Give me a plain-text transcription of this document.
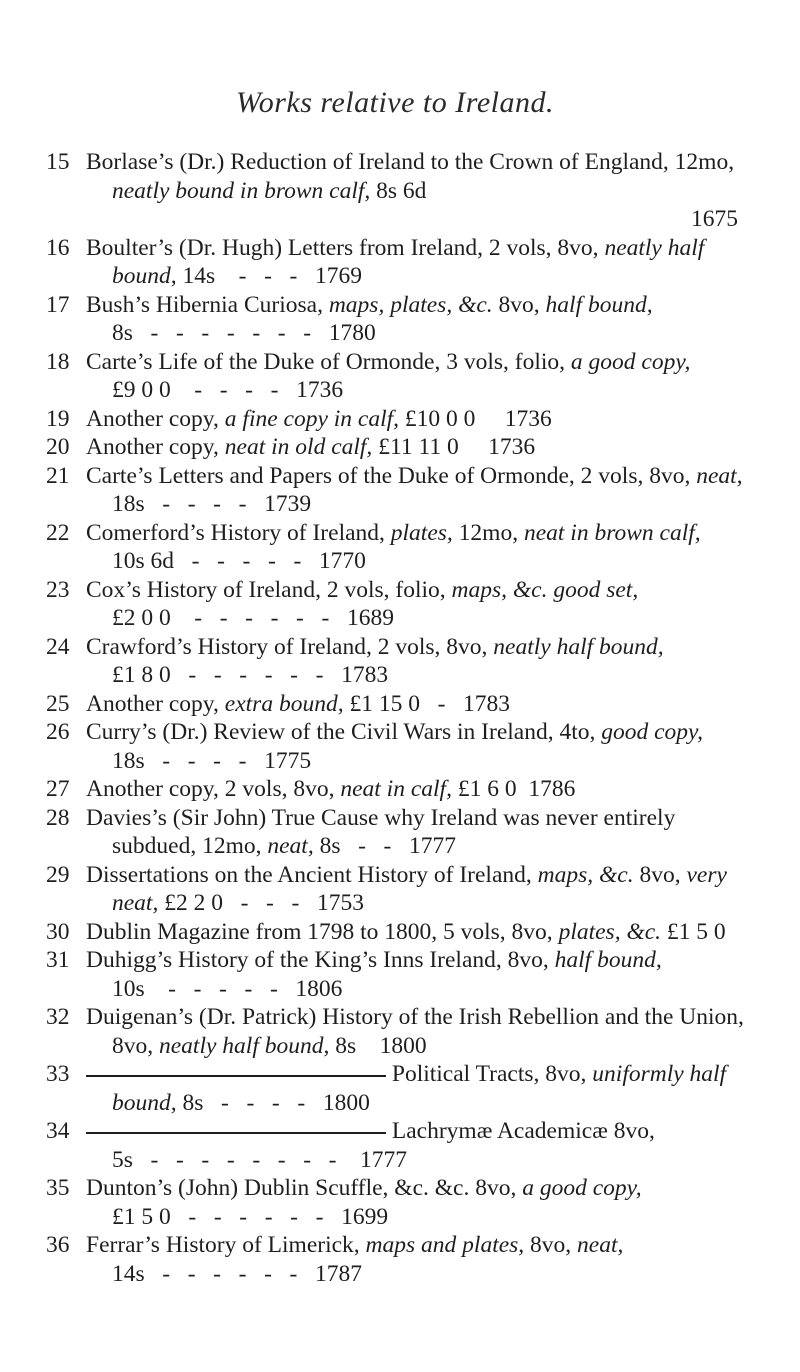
Works relative to Ireland.
15 Borlase’s (Dr.) Reduction of Ireland to the Crown of England, 12mo, neatly bound in brown calf, 8s 6d
1675
16 Boulter’s (Dr. Hugh) Letters from Ireland, 2 vols, 8vo, neatly half bound, 14s    -   -   -   1769
17 Bush’s Hibernia Curiosa, maps, plates, &c. 8vo, half bound, 8s   -   -   -   -   -   -   -   1780
18 Carte’s Life of the Duke of Ormonde, 3 vols, folio, a good copy, £9 0 0    -   -   -   -   1736
19 Another copy, a fine copy in calf, £10 0 0 1736
20 Another copy, neat in old calf, £11 11 0 1736
21 Carte’s Letters and Papers of the Duke of Ormonde, 2 vols, 8vo, neat, 18s   -   -   -   -   1739
22 Comerford’s History of Ireland, plates, 12mo, neat in brown calf, 10s 6d   -   -   -   -   -   1770
23 Cox’s History of Ireland, 2 vols, folio, maps, &c. good set, £2 0 0    -   -   -   -   -   -   1689
24 Crawford’s History of Ireland, 2 vols, 8vo, neatly half bound, £1 8 0   -   -   -   -   -   -   1783
25 Another copy, extra bound, £1 15 0   -   1783
26 Curry’s (Dr.) Review of the Civil Wars in Ireland, 4to, good copy, 18s   -   -   -   -   1775
27 Another copy, 2 vols, 8vo, neat in calf, £1 6 0 1786
28 Davies’s (Sir John) True Cause why Ireland was never entirely subdued, 12mo, neat, 8s   -   -   1777
29 Dissertations on the Ancient History of Ireland, maps, &c. 8vo, very neat, £2 2 0   -   -   -   1753
30 Dublin Magazine from 1798 to 1800, 5 vols, 8vo, plates, &c. £1 5 0
31 Duhigg’s History of the King’s Inns Ireland, 8vo, half bound, 10s    -   -   -   -   -   1806
32 Duigenan’s (Dr. Patrick) History of the Irish Rebellion and the Union, 8vo, neatly half bound, 8s 1800
33	Political Tracts, 8vo, uniformly half bound, 8s   -   -   -   -   1800
34	Lachrymæ Academicæ 8vo, 5s   -   -   -   -   -   -   -   -    1777
35 Dunton’s (John) Dublin Scuffle, &c. &c. 8vo, a good copy, £1 5 0   -   -   -   -   -   -   1699
36 Ferrar’s History of Limerick, maps and plates, 8vo, neat, 14s   -   -   -   -   -   -   1787
